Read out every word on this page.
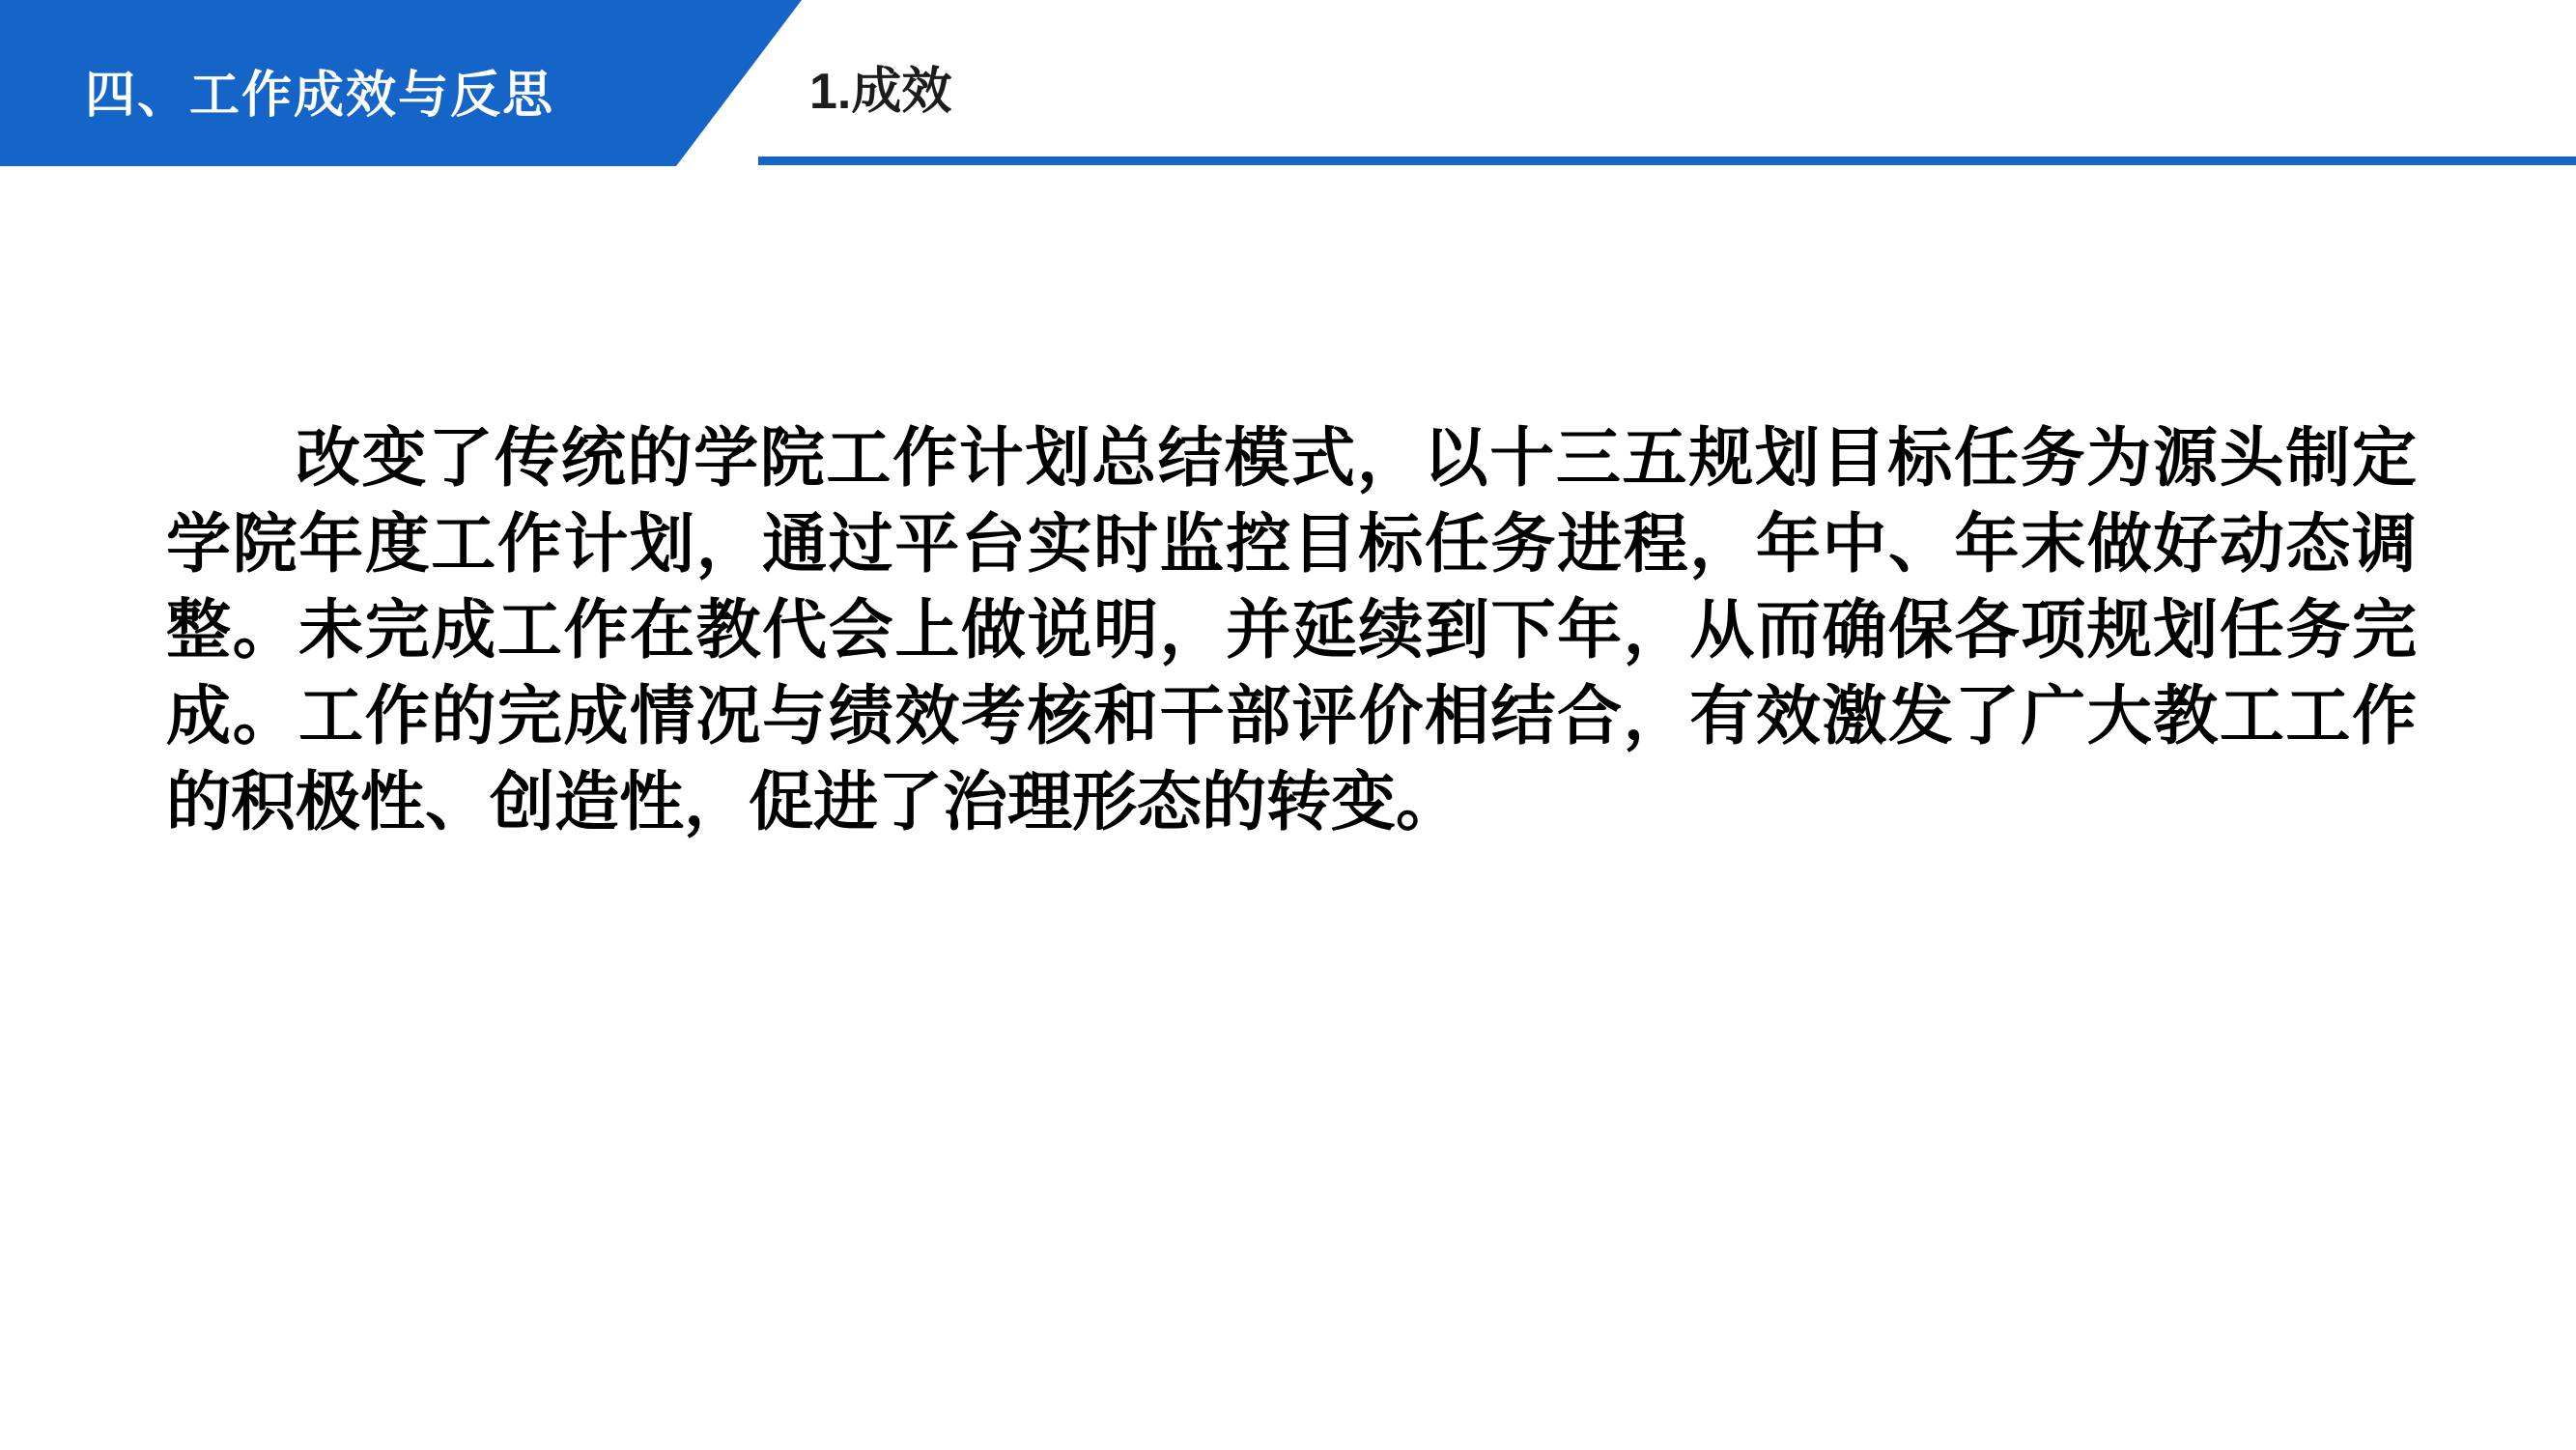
四、工作成效与反思	1.成效

改变了传统的学院工作计划总结模式，以十三五规划目标任务为源头制定学院年度工作计划，通过平台实时监控目标任务进程，年中、年末做好动态调整。未完成工作在教代会上做说明，并延续到下年，从而确保各项规划任务完成。工作的完成情况与绩效考核和干部评价相结合，有效激发了广大教工工作的积极性、创造性，促进了治理形态的转变。
